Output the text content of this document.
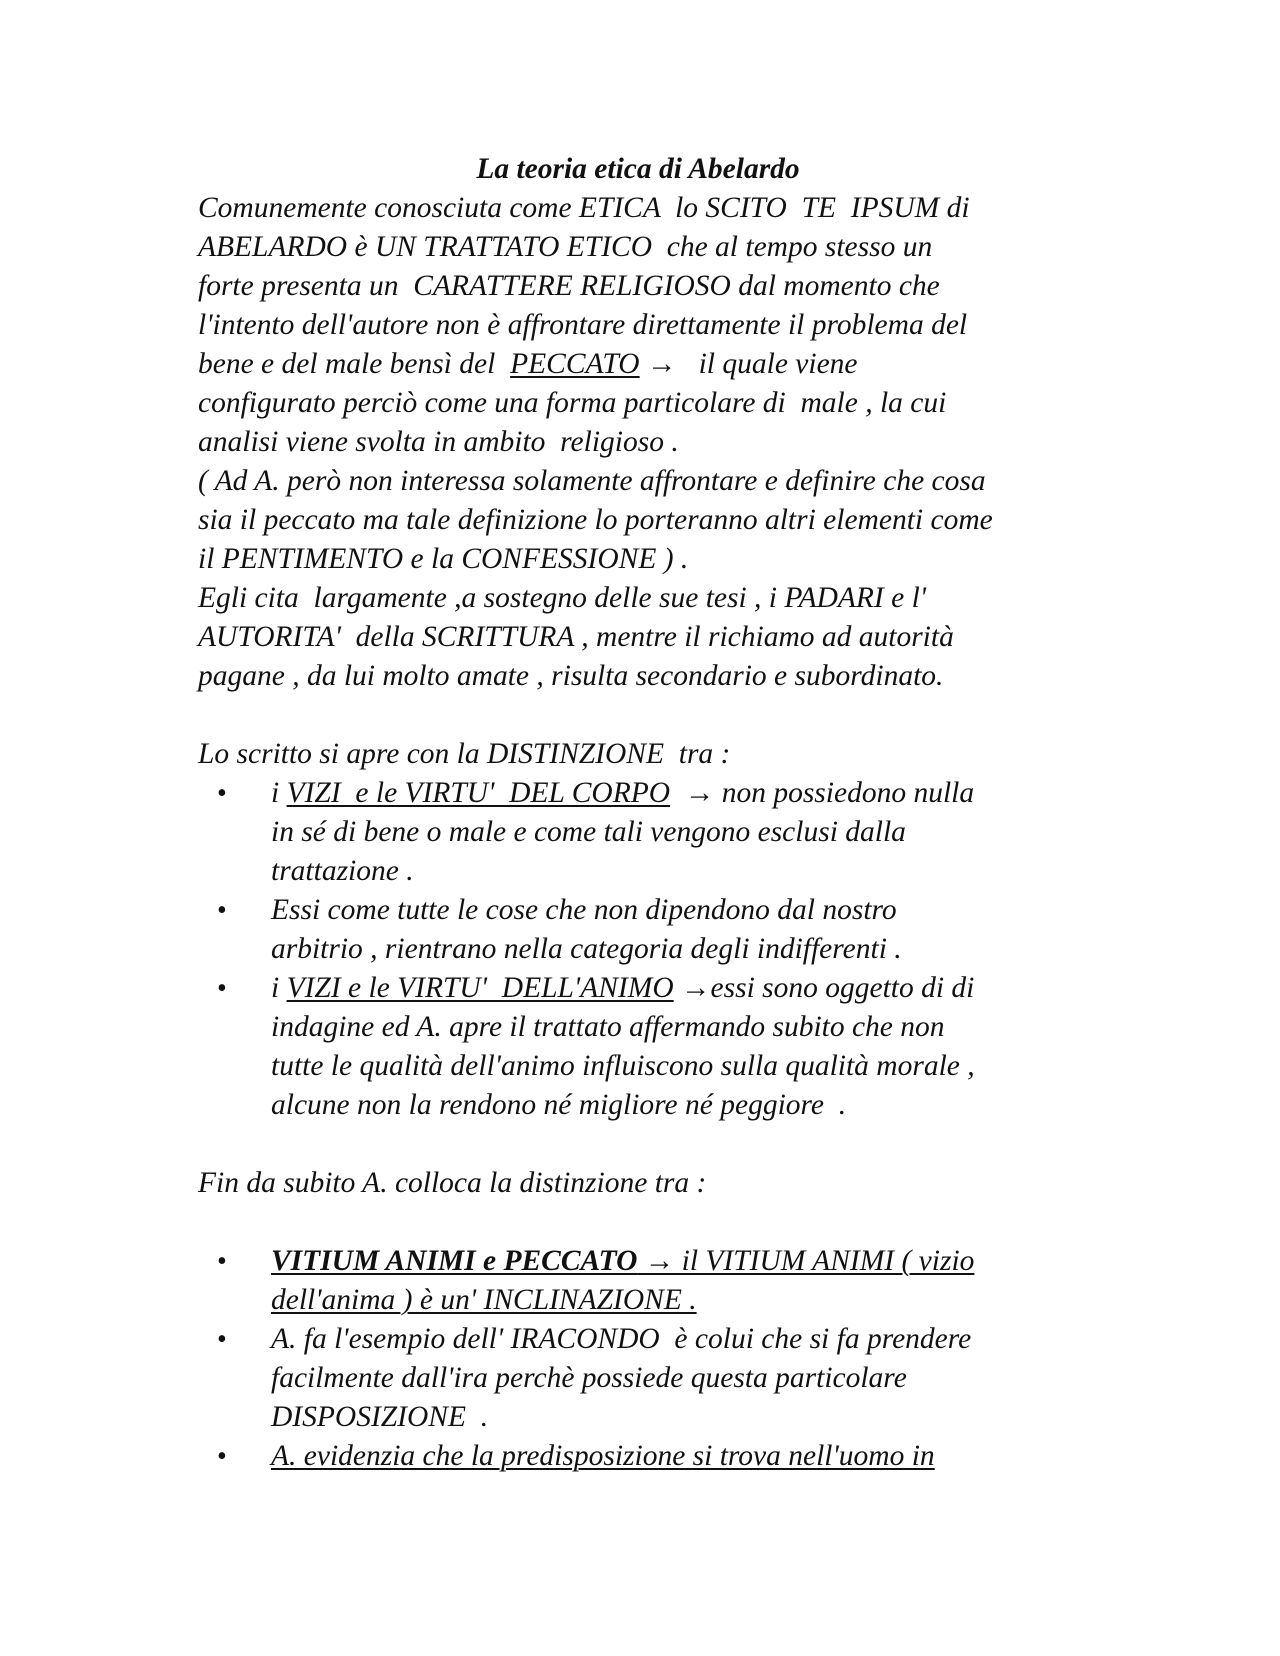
La teoria etica di Abelardo
Comunemente conosciuta come ETICA  lo SCITO  TE  IPSUM di
ABELARDO è UN TRATTATO ETICO  che al tempo stesso un
forte presenta un  CARATTERE RELIGIOSO dal momento che
l'intento dell'autore non è affrontare direttamente il problema del
bene e del male bensì del  PECCATO →   il quale viene
configurato perciò come una forma particolare di  male , la cui
analisi viene svolta in ambito  religioso .
( Ad A. però non interessa solamente affrontare e definire che cosa
sia il peccato ma tale definizione lo porteranno altri elementi come
il PENTIMENTO e la CONFESSIONE ) .
Egli cita  largamente ,a sostegno delle sue tesi , i PADARI e l'
AUTORITA'  della SCRITTURA , mentre il richiamo ad autorità
pagane , da lui molto amate , risulta secondario e subordinato.
Lo scritto si apre con la DISTINZIONE  tra :
•	i VIZI  e le VIRTU'  DEL CORPO  → non possiedono nulla
in sé di bene o male e come tali vengono esclusi dalla
trattazione .
•	Essi come tutte le cose che non dipendono dal nostro
arbitrio , rientrano nella categoria degli indifferenti .
•	i VIZI e le VIRTU'  DELL'ANIMO →essi sono oggetto di di
indagine ed A. apre il trattato affermando subito che non
tutte le qualità dell'animo influiscono sulla qualità morale ,
alcune non la rendono né migliore né peggiore  .
Fin da subito A. colloca la distinzione tra :
•	VITIUM ANIMI e PECCATO → il VITIUM ANIMI ( vizio
dell'anima ) è un' INCLINAZIONE .
•	A. fa l'esempio dell' IRACONDO  è colui che si fa prendere
facilmente dall'ira perchè possiede questa particolare
DISPOSIZIONE  .
•	A. evidenzia che la predisposizione si trova nell'uomo in
